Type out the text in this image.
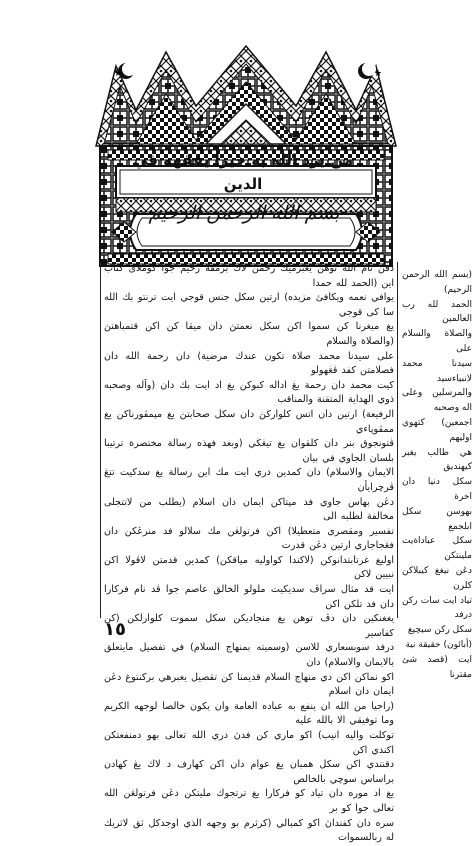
★	★
من يرد الله به خيرا يفقهه في الدين
بسم الله الرحمن الرحيم

دڤن نام الله توهن يغبرميك رحمن لاك برمقة رحيم جوا كوملاى كتاب اين (الحمد لله حمدا

يوافي نعمه ويكافئ مزيده) ارتين سكل جنس قوجي ايت ترنتو بك الله سا كى قوجي

يغ ميغرنا كن سموا اكن سكل نعمتڽ دان ميقا كن اكن قتمباهنڽ (والصلاة والسلام

على سيدنا محمد صلاة تكون عندك مرضية) دان رحمة الله دان فصلامتن كفد ڤڠهولو

كيت محمد دان رحمة يڠ اداله كبوكن يغ اد ايت بك دان (وآله وصحبه ذوي الهداية المتقنة والمناقب

الرفيعة) ارتين دان اتس كلوارڬڽ دان سكل صحابتڽ يغ مڽمڤورناكن يغ ممڤوڽاءي

ڤتونجوق بنر دان كلقوان يغ تيڠڬي (وبعد فهذه رسالة مختصرة ترتيبا بلسان الجاوي في بيان

الايمان والاسلام) دان كمدين دري ايت مك اين رسالة يغ سدكيت تتڠ ڤرچرايأن

دڠن بهاس جاوي فد مڽتاكن ايمان دان اسلام (يطلب من لاتتجلى مخالفة لطلبه الى

تفسير ومقصري متعطيلا) اكن فرتولڠن مك سلالو فد منرڠكن دان فڠجاجاري ارتين دڠن قدرت

اوليغ غرتابتدانوكن (لاكندا كواوليه مياقكن) كمدين قدمتن لاڤولا اكن نبيين لاكن

ايت قد مثال سراڤ سديكيت ملولو الخالق عاصم جوا ڤد نام فركارا دان فد تلكن اكن

يغغنكين دان دڤ توهن يغ منجاديكن سكل سموت كلوارلكن (كن كفاسير

درفد سوبسعاري للاسن (وسميته بمنهاج السلام) في تفصيل مايتعلق بالايمان والاسلام) دان

اكو نماكن اكن دي منهاج السلام قديمنا كن تقصيل يغبرهي بركنتوغ دڠن ايمان دان اسلام

(راجيا من الله ان ينفع به عباده العامة وان يكون خالصا لوجهه الكريم وما توفيقي الا بالله عليه

توكلت واليه انيب) اكو ماري كن فدڽ دري الله تعالى بهو دمنفعتكن اكندي اكن

دقنتدي اكن سكل همبان يغ عوام دان اكن كهارف د لاك يڠ كهادن براساس سوچي بالخالص

يغ اد موره دان تياد كو فركارا يغ ترتجوك مليتكن دڠن فرتولڠن الله تعالى جوا كو بر

سره دان كفنداڽ اكو كمبالي (كرثرم بو وجهه الذي اوجدكل ثق لاثريك له ربالسموات

(بسم الله الرحمن الرحيم)

الحمد لله رب العالمين

والصلاة والسلام على

سيدنا محمد لانبياءسيد

والمرسلين وعلى اله وصحبه

اجمعين) كتهوي اوليهم

هي طالب يغبر كيهنديق

سكل دنيا دان اخرة

بهوسن سكل ابلجمع

سكل عباداةيت ملينتكن

دڠن نيغغ كيبلاكن كلرن

تياد ايت سات ركن درفد

سكل ركن سيچيغ

(أبائون) حقيقة نية

ايت (قصد شئ مقترنا

١٥
